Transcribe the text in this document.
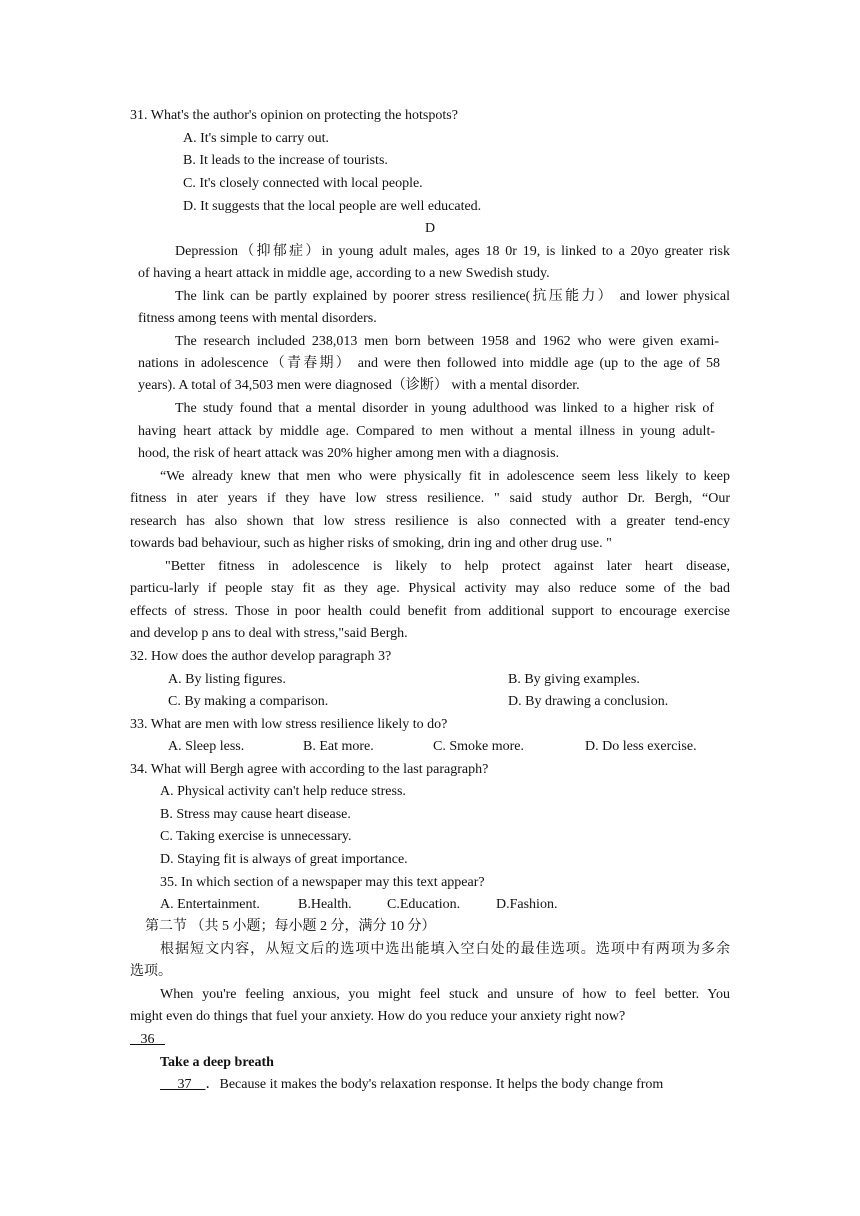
31. What's the author's opinion on protecting the hotspots?
A. It's simple to carry out.
B. It leads to the increase of tourists.
C. It's closely connected with local people.
D. It suggests that the local people are well educated.
D
Depression（抑郁症）in young adult males, ages 18 0r 19, is linked to a 20yo greater risk
of having a heart attack in middle age, according to a new Swedish study.
The link can be partly explained by poorer stress resilience(抗压能力） and lower physical
fitness among teens with mental disorders.
The research included 238,013 men born between 1958 and 1962 who were given exami-
nations in adolescence（青春期） and were then followed into middle age (up to the age of 58
years). A total of 34,503 men were diagnosed（诊断） with a mental disorder.
The study found that a mental disorder in young adulthood was linked to a higher risk of
having heart attack by middle age. Compared to men without a mental illness in young adult-
hood, the risk of heart attack was 20% higher among men with a diagnosis.
“We already knew that men who were physically fit in adolescence seem less likely to keep
fitness in ater years if they have low stress resilience. " said study author Dr. Bergh, “Our
research has also shown that low stress resilience is also connected with a greater tend-ency
towards bad behaviour, such as higher risks of smoking, drin ing and other drug use. "
"Better fitness in adolescence is likely to help protect against later heart disease,
particu-larly if people stay fit as they age. Physical activity may also reduce some of the bad
effects of stress. Those in poor health could benefit from additional support to encourage exercise
and develop p ans to deal with stress,"said Bergh.
32. How does the author develop paragraph 3?
A. By listing figures.	B. By giving examples.
C. By making a comparison.	D. By drawing a conclusion.
33. What are men with low stress resilience likely to do?
A. Sleep less.	B. Eat more.	C. Smoke more.	D. Do less exercise.
34. What will Bergh agree with according to the last paragraph?
A. Physical activity can't help reduce stress.
B. Stress may cause heart disease.
C. Taking exercise is unnecessary.
D. Staying fit is always of great importance.
35. In which section of a newspaper may this text appear?
A. Entertainment.	B.Health.	C.Education.	D.Fashion.
第二节 （共 5 小题；每小题 2 分，满分 10 分）
根据短文内容，从短文后的选项中选出能填入空白处的最佳选项。选项中有两项为多余
选项。
When you're feeling anxious, you might feel stuck and unsure of how to feel better. You
might even do things that fuel your anxiety. How do you reduce your anxiety right now?
36
Take a deep breath
37 ．Because it makes the body's relaxation response. It helps the body change from
